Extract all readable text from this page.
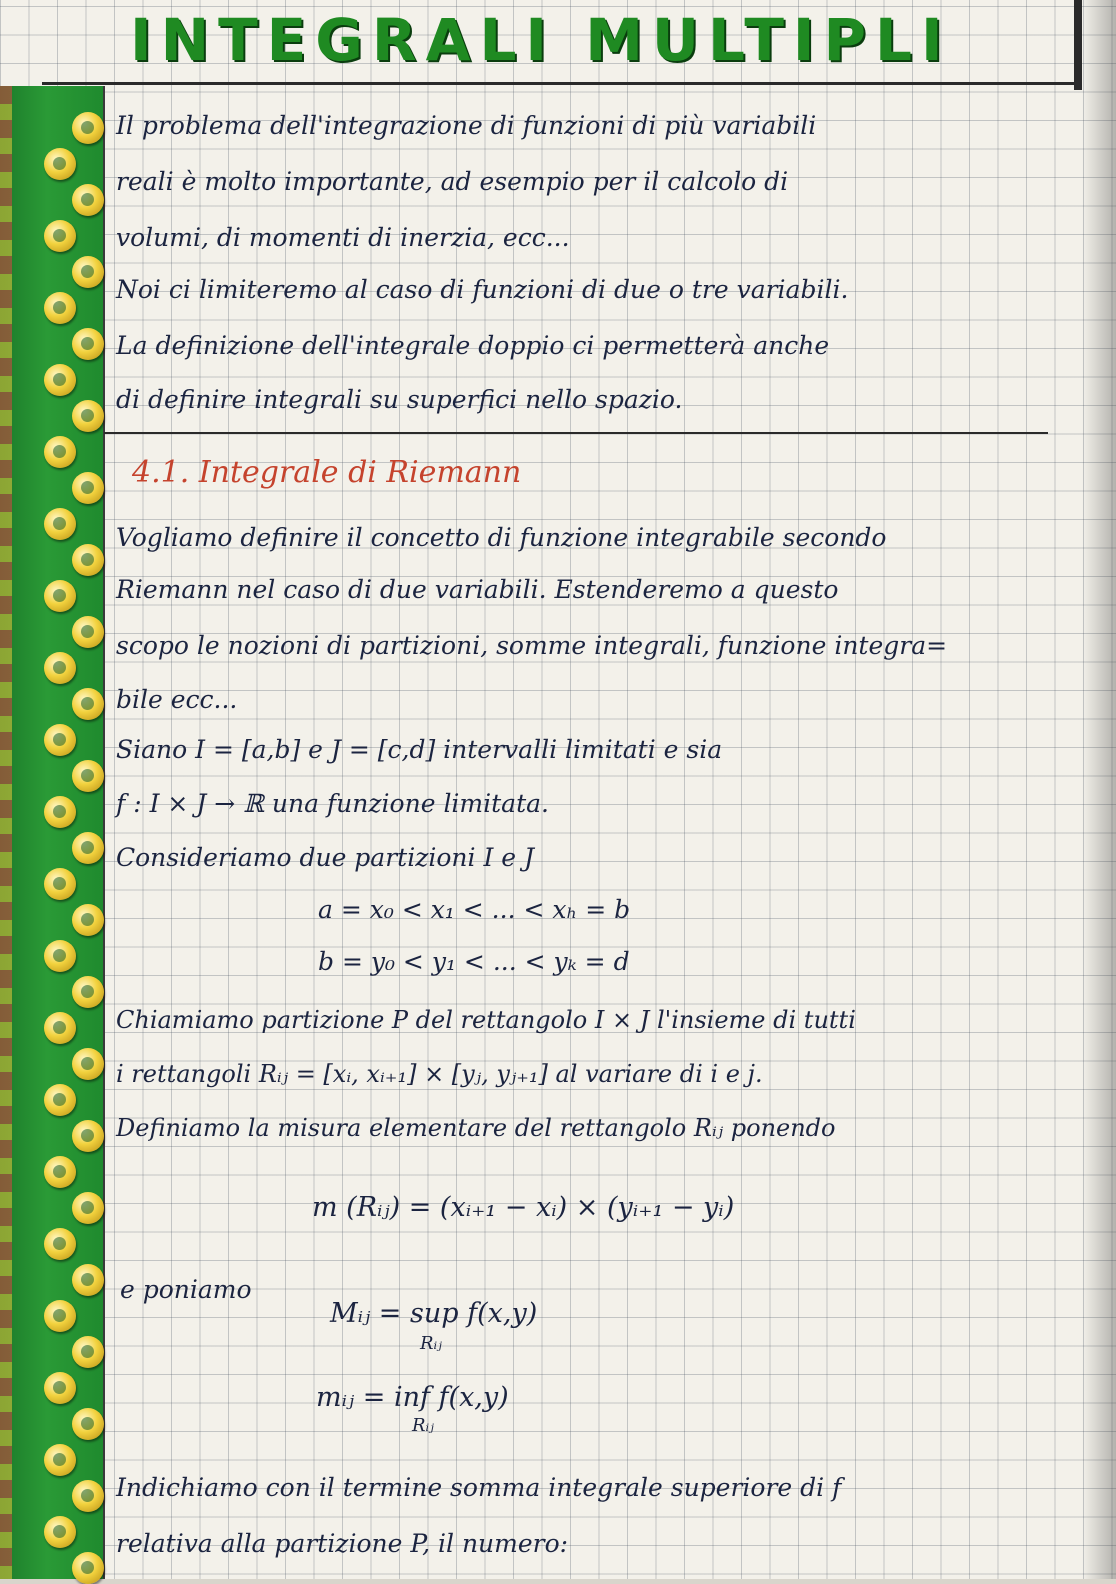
INTEGRALI MULTIPLI
Il problema dell'integrazione di funzioni di più variabili
reali è molto importante, ad esempio per il calcolo di
volumi, di momenti di inerzia, ecc...
Noi ci limiteremo al caso di funzioni di due o tre variabili.
La definizione dell'integrale doppio ci permetterà anche
di definire integrali su superfici nello spazio.
4.1. Integrale di Riemann
Vogliamo definire il concetto di funzione integrabile secondo
Riemann nel caso di due variabili. Estenderemo a questo
scopo le nozioni di partizioni, somme integrali, funzione integra=
bile ecc...
Siano I = [a,b] e J = [c,d] intervalli limitati e sia
f : I × J → ℝ una funzione limitata.
Consideriamo due partizioni I e J
a = x₀ < x₁ < ... < xₕ = b
b = y₀ < y₁ < ... < yₖ = d
Chiamiamo partizione P del rettangolo I × J l'insieme di tutti
i rettangoli Rᵢⱼ = [xᵢ, xᵢ₊₁] × [yⱼ, yⱼ₊₁] al variare di i e j.
Definiamo la misura elementare del rettangolo Rᵢⱼ ponendo
m (Rᵢⱼ) = (xᵢ₊₁ − xᵢ) × (yᵢ₊₁ − yᵢ)
e poniamo
Mᵢⱼ = sup f(x,y)
Rᵢⱼ
mᵢⱼ = inf f(x,y)
Rᵢⱼ
Indichiamo con il termine somma integrale superiore di f
relativa alla partizione P, il numero:
